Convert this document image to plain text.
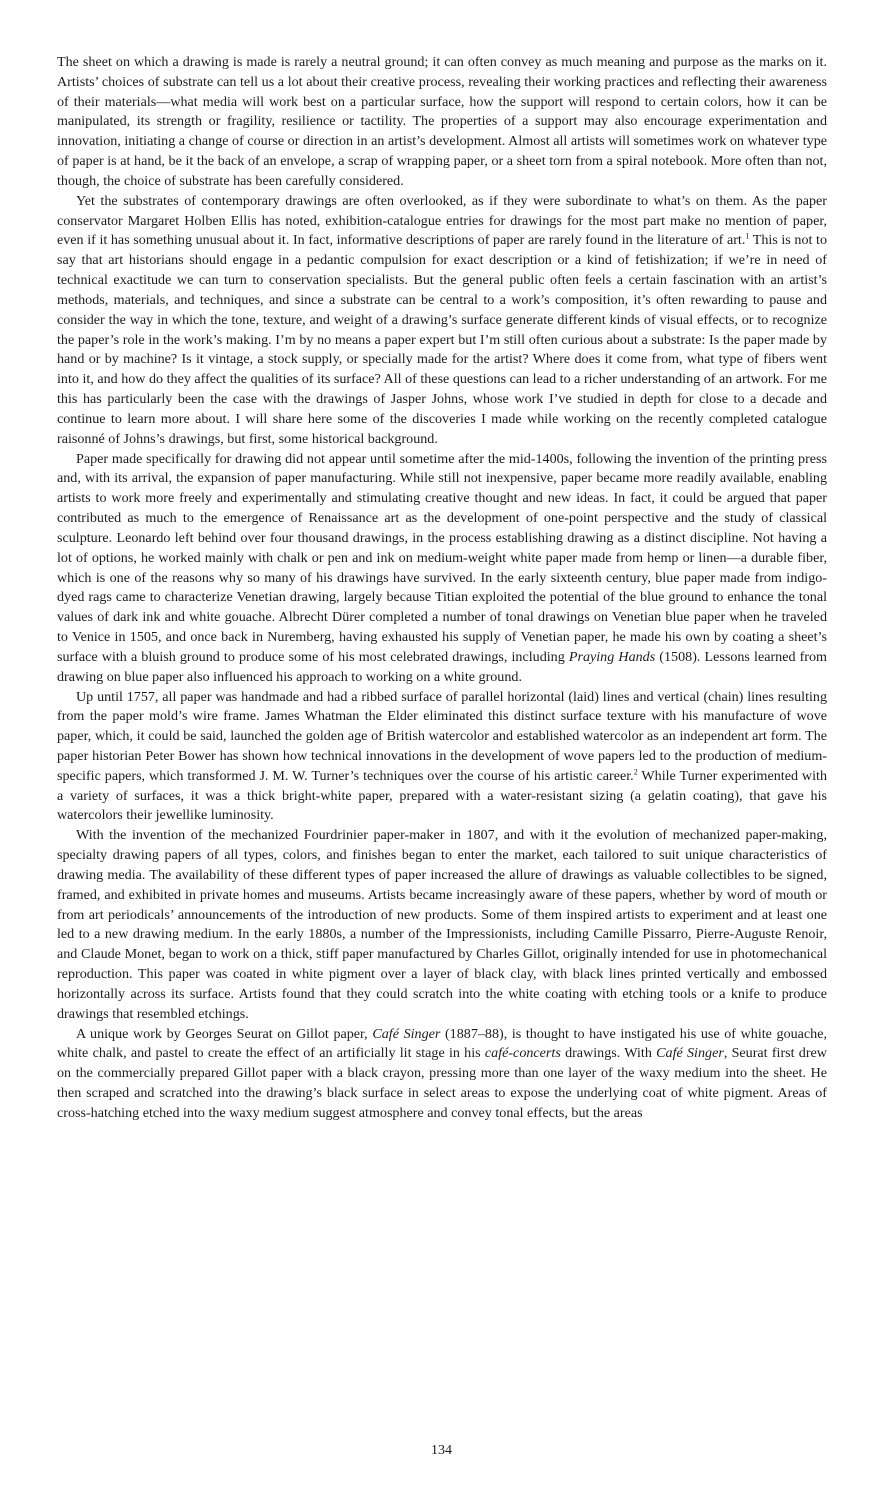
The sheet on which a drawing is made is rarely a neutral ground; it can often convey as much meaning and purpose as the marks on it. Artists’ choices of substrate can tell us a lot about their creative process, revealing their working practices and reflecting their awareness of their materials—what media will work best on a particular surface, how the support will respond to certain colors, how it can be manipulated, its strength or fragility, resilience or tactility. The properties of a support may also encourage experimentation and innovation, initiating a change of course or direction in an artist’s development. Almost all artists will sometimes work on whatever type of paper is at hand, be it the back of an envelope, a scrap of wrapping paper, or a sheet torn from a spiral notebook. More often than not, though, the choice of substrate has been carefully considered.

Yet the substrates of contemporary drawings are often overlooked, as if they were subordinate to what’s on them. As the paper conservator Margaret Holben Ellis has noted, exhibition-catalogue entries for drawings for the most part make no mention of paper, even if it has something unusual about it. In fact, informative descriptions of paper are rarely found in the literature of art.$^1$ This is not to say that art historians should engage in a pedantic compulsion for exact description or a kind of fetishization; if we’re in need of technical exactitude we can turn to conservation specialists. But the general public often feels a certain fascination with an artist’s methods, materials, and techniques, and since a substrate can be central to a work’s composition, it’s often rewarding to pause and consider the way in which the tone, texture, and weight of a drawing’s surface generate different kinds of visual effects, or to recognize the paper’s role in the work’s making. I’m by no means a paper expert but I’m still often curious about a substrate: Is the paper made by hand or by machine? Is it vintage, a stock supply, or specially made for the artist? Where does it come from, what type of fibers went into it, and how do they affect the qualities of its surface? All of these questions can lead to a richer understanding of an artwork. For me this has particularly been the case with the drawings of Jasper Johns, whose work I’ve studied in depth for close to a decade and continue to learn more about. I will share here some of the discoveries I made while working on the recently completed catalogue raisonné of Johns’s drawings, but first, some historical background.

Paper made specifically for drawing did not appear until sometime after the mid-1400s, following the invention of the printing press and, with its arrival, the expansion of paper manufacturing. While still not inexpensive, paper became more readily available, enabling artists to work more freely and experimentally and stimulating creative thought and new ideas. In fact, it could be argued that paper contributed as much to the emergence of Renaissance art as the development of one-point perspective and the study of classical sculpture. Leonardo left behind over four thousand drawings, in the process establishing drawing as a distinct discipline. Not having a lot of options, he worked mainly with chalk or pen and ink on medium-weight white paper made from hemp or linen—a durable fiber, which is one of the reasons why so many of his drawings have survived. In the early sixteenth century, blue paper made from indigo-dyed rags came to characterize Venetian drawing, largely because Titian exploited the potential of the blue ground to enhance the tonal values of dark ink and white gouache. Albrecht Dürer completed a number of tonal drawings on Venetian blue paper when he traveled to Venice in 1505, and once back in Nuremberg, having exhausted his supply of Venetian paper, he made his own by coating a sheet’s surface with a bluish ground to produce some of his most celebrated drawings, including Praying Hands (1508). Lessons learned from drawing on blue paper also influenced his approach to working on a white ground.

Up until 1757, all paper was handmade and had a ribbed surface of parallel horizontal (laid) lines and vertical (chain) lines resulting from the paper mold’s wire frame. James Whatman the Elder eliminated this distinct surface texture with his manufacture of wove paper, which, it could be said, launched the golden age of British watercolor and established watercolor as an independent art form. The paper historian Peter Bower has shown how technical innovations in the development of wove papers led to the production of medium-specific papers, which transformed J. M. W. Turner’s techniques over the course of his artistic career.$^2$ While Turner experimented with a variety of surfaces, it was a thick bright-white paper, prepared with a water-resistant sizing (a gelatin coating), that gave his watercolors their jewellike luminosity.

With the invention of the mechanized Fourdrinier paper-maker in 1807, and with it the evolution of mechanized paper-making, specialty drawing papers of all types, colors, and finishes began to enter the market, each tailored to suit unique characteristics of drawing media. The availability of these different types of paper increased the allure of drawings as valuable collectibles to be signed, framed, and exhibited in private homes and museums. Artists became increasingly aware of these papers, whether by word of mouth or from art periodicals’ announcements of the introduction of new products. Some of them inspired artists to experiment and at least one led to a new drawing medium. In the early 1880s, a number of the Impressionists, including Camille Pissarro, Pierre-Auguste Renoir, and Claude Monet, began to work on a thick, stiff paper manufactured by Charles Gillot, originally intended for use in photomechanical reproduction. This paper was coated in white pigment over a layer of black clay, with black lines printed vertically and embossed horizontally across its surface. Artists found that they could scratch into the white coating with etching tools or a knife to produce drawings that resembled etchings.

A unique work by Georges Seurat on Gillot paper, Café Singer (1887–88), is thought to have instigated his use of white gouache, white chalk, and pastel to create the effect of an artificially lit stage in his café-concerts drawings. With Café Singer, Seurat first drew on the commercially prepared Gillot paper with a black crayon, pressing more than one layer of the waxy medium into the sheet. He then scraped and scratched into the drawing’s black surface in select areas to expose the underlying coat of white pigment. Areas of cross-hatching etched into the waxy medium suggest atmosphere and convey tonal effects, but the areas

134
